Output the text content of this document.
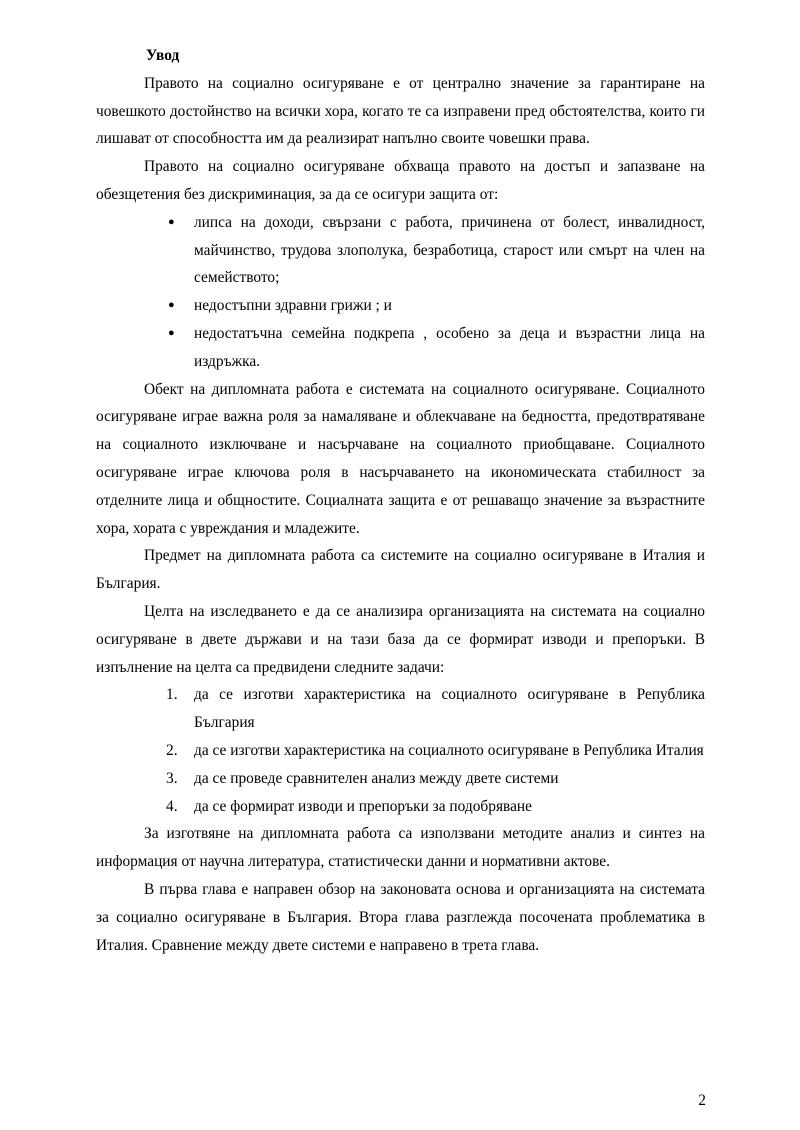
Увод

Правото на социално осигуряване е от централно значение за гарантиране на човешкото достойнство на всички хора, когато те са изправени пред обстоятелства, които ги лишават от способността им да реализират напълно своите човешки права.

Правото на социално осигуряване обхваща правото на достъп и запазване на обезщетения без дискриминация, за да се осигури защита от:

● липса на доходи, свързани с работа, причинена от болест, инвалидност, майчинство, трудова злополука, безработица, старост или смърт на член на семейството;
● недостъпни здравни грижи ; и
● недостатъчна семейна подкрепа , особено за деца и възрастни лица на издръжка.

Обект на дипломната работа е системата на социалното осигуряване. Социалното осигуряване играе важна роля за намаляване и облекчаване на бедността, предотвратяване на социалното изключване и насърчаване на социалното приобщаване. Социалното осигуряване играе ключова роля в насърчаването на икономическата стабилност за отделните лица и общностите. Социалната защита е от решаващо значение за възрастните хора, хората с увреждания и младежите.

Предмет на дипломната работа са системите на социално осигуряване в Италия и България.

Целта на изследването е да се анализира организацията на системата на социално осигуряване в двете държави и на тази база да се формират изводи и препоръки. В изпълнение на целта са предвидени следните задачи:

1. да се изготви характеристика на социалното осигуряване в Република България
2. да се изготви характеристика на социалното осигуряване в Република Италия
3. да се проведе сравнителен анализ между двете системи
4. да се формират изводи и препоръки за подобряване

За изготвяне на дипломната работа са използвани методите анализ и синтез на информация от научна литература, статистически данни и нормативни актове.

В първа глава е направен обзор на законовата основа и организацията на системата за социално осигуряване в България. Втора глава разглежда посочената проблематика в Италия. Сравнение между двете системи е направено в трета глава.

2
